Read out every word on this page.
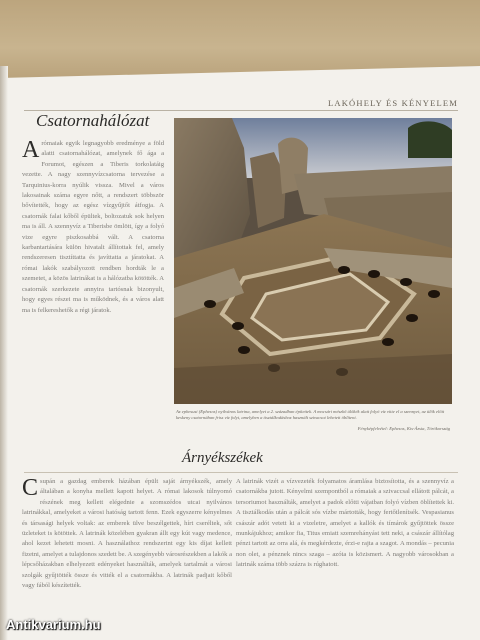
LAKÓHELY ÉS KÉNYELEM
Csatornahálózat
Arómaiak egyik legnagyobb eredménye a föld alatti csatornahálózat, amelynek fő ága a Forumot, egészen a Tiberis torkolatáig vezette. A nagy szennyvízcsatorna tervezése a Tarquinius-korra nyúlik vissza. Mivel a város lakosainak száma egyre nőtt, a rendszert többször bővítették, hogy az egész vízgyűjtőt átfogja. A csatornák falai kőből épültek, boltozatuk sok helyen ma is áll. A szennyvíz a Tiberisbe ömlött, így a folyó vize egyre piszkosabbá vált. A csatorna karbantartására külön hivatalt állítottak fel, amely rendszeresen tisztíttatta és javíttatta a járatokat. A római lakók szabályozott rendben hordták le a szemetet, a közös latrinákat is a hálózatba kötötték. A csatornák szerkezete annyira tartósnak bizonyult, hogy egyes részei ma is működnek, és a város alatt ma is felkereshetők a régi járatok.
Az ephesusi (Ephesos) nyilvános latrina, amelyet a 2. században építettek. A mocsári mészkő ülőkék alatt folyó víz vitte el a szennyet, az ülők előtt keskeny csatornában friss víz folyt, amelyben a tisztálkodáshoz használt szivacsot lehetett öblíteni.
Fényképfelvétel: Ephesos, Kis-Ázsia, Törökország
Árnyékszékek
Csupán a gazdag emberek házában épült saját árnyékszék, amely általában a konyha mellett kapott helyet. A római lakosok túlnyomó részének meg kellett elégednie a szomszédos utcai nyilvános latrinákkal, amelyeket a városi hatóság tartott fenn. Ezek egyszerre kényelmes és társasági helyek voltak: az emberek ülve beszélgettek, hírt cseréltek, sőt üzleteket is kötöttek. A latrinák közelében gyakran állt egy kút vagy medence, ahol kezet lehetett mosni. A használathoz rendszerint egy kis díjat kellett fizetni, amelyet a tulajdonos szedett be. A szegényebb városrészekben a lakók a lépcsőházakban elhelyezett edényeket használták, amelyek tartalmát a városi szolgák gyűjtötték össze és vitték el a csatornákba. A latrinák padjait kőből vagy fából készítették.
A latrinák vizét a vízvezeték folyamatos áramlása biztosította, és a szennyvíz a csatornákba jutott. Kényelmi szempontból a rómaiak a szivaccsal ellátott pálcát, a tersoriumot használták, amelyet a padok előtti vájatban folyó vízben öblítettek ki. A tisztálkodás után a pálcát sós vízbe mártották, hogy fertőtlenítsék. Vespasianus császár adót vetett ki a vizeletre, amelyet a kallók és tímárok gyűjtöttek össze munkájukhoz; amikor fia, Titus emiatt szemrehányást tett neki, a császár állítólag pénzt tartott az orra alá, és megkérdezte, érzi-e rajta a szagot. A mondás – pecunia non olet, a pénznek nincs szaga – azóta is közismert. A nagyobb városokban a latrinák száma több százra is rúghatott.
Antikvarium.hu
